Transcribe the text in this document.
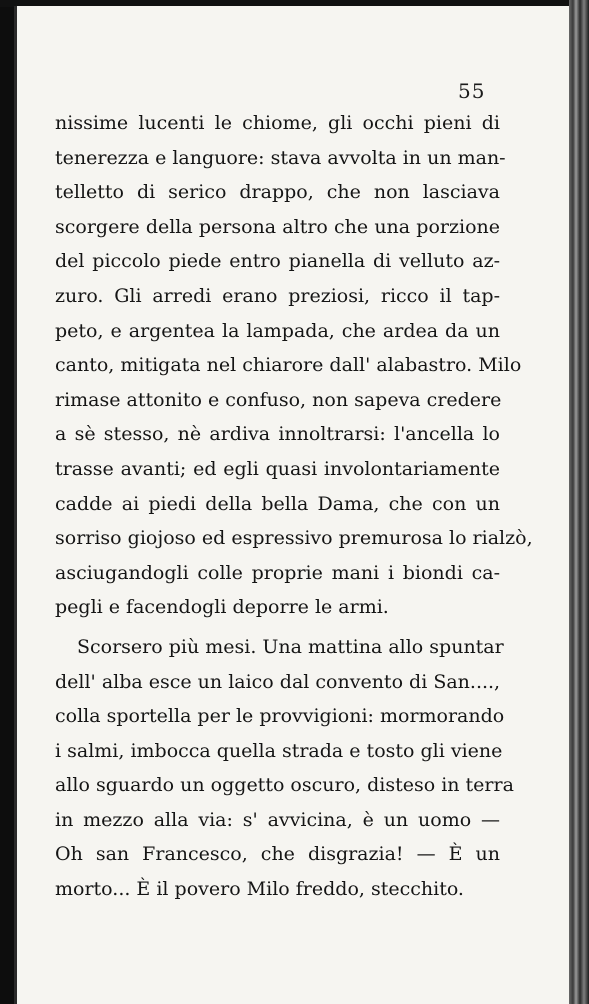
55
nissime lucenti le chiome, gli occhi pieni di
tenerezza e languore: stava avvolta in un man-
telletto di serico drappo, che non lasciava
scorgere della persona altro che una porzione
del piccolo piede entro pianella di velluto az-
zuro. Gli arredi erano preziosi, ricco il tap-
peto, e argentea la lampada, che ardea da un
canto, mitigata nel chiarore dall' alabastro. Milo
rimase attonito e confuso, non sapeva credere
a sè stesso, nè ardiva innoltrarsi: l'ancella lo
trasse avanti; ed egli quasi involontariamente
cadde ai piedi della bella Dama, che con un
sorriso giojoso ed espressivo premurosa lo rialzò,
asciugandogli colle proprie mani i biondi ca-
pegli e facendogli deporre le armi.
Scorsero più mesi. Una mattina allo spuntar
dell' alba esce un laico dal convento di San....,
colla sportella per le provvigioni: mormorando
i salmi, imbocca quella strada e tosto gli viene
allo sguardo un oggetto oscuro, disteso in terra
in mezzo alla via: s' avvicina, è un uomo —
Oh san Francesco, che disgrazia! — È un
morto... È il povero Milo freddo, stecchito.
